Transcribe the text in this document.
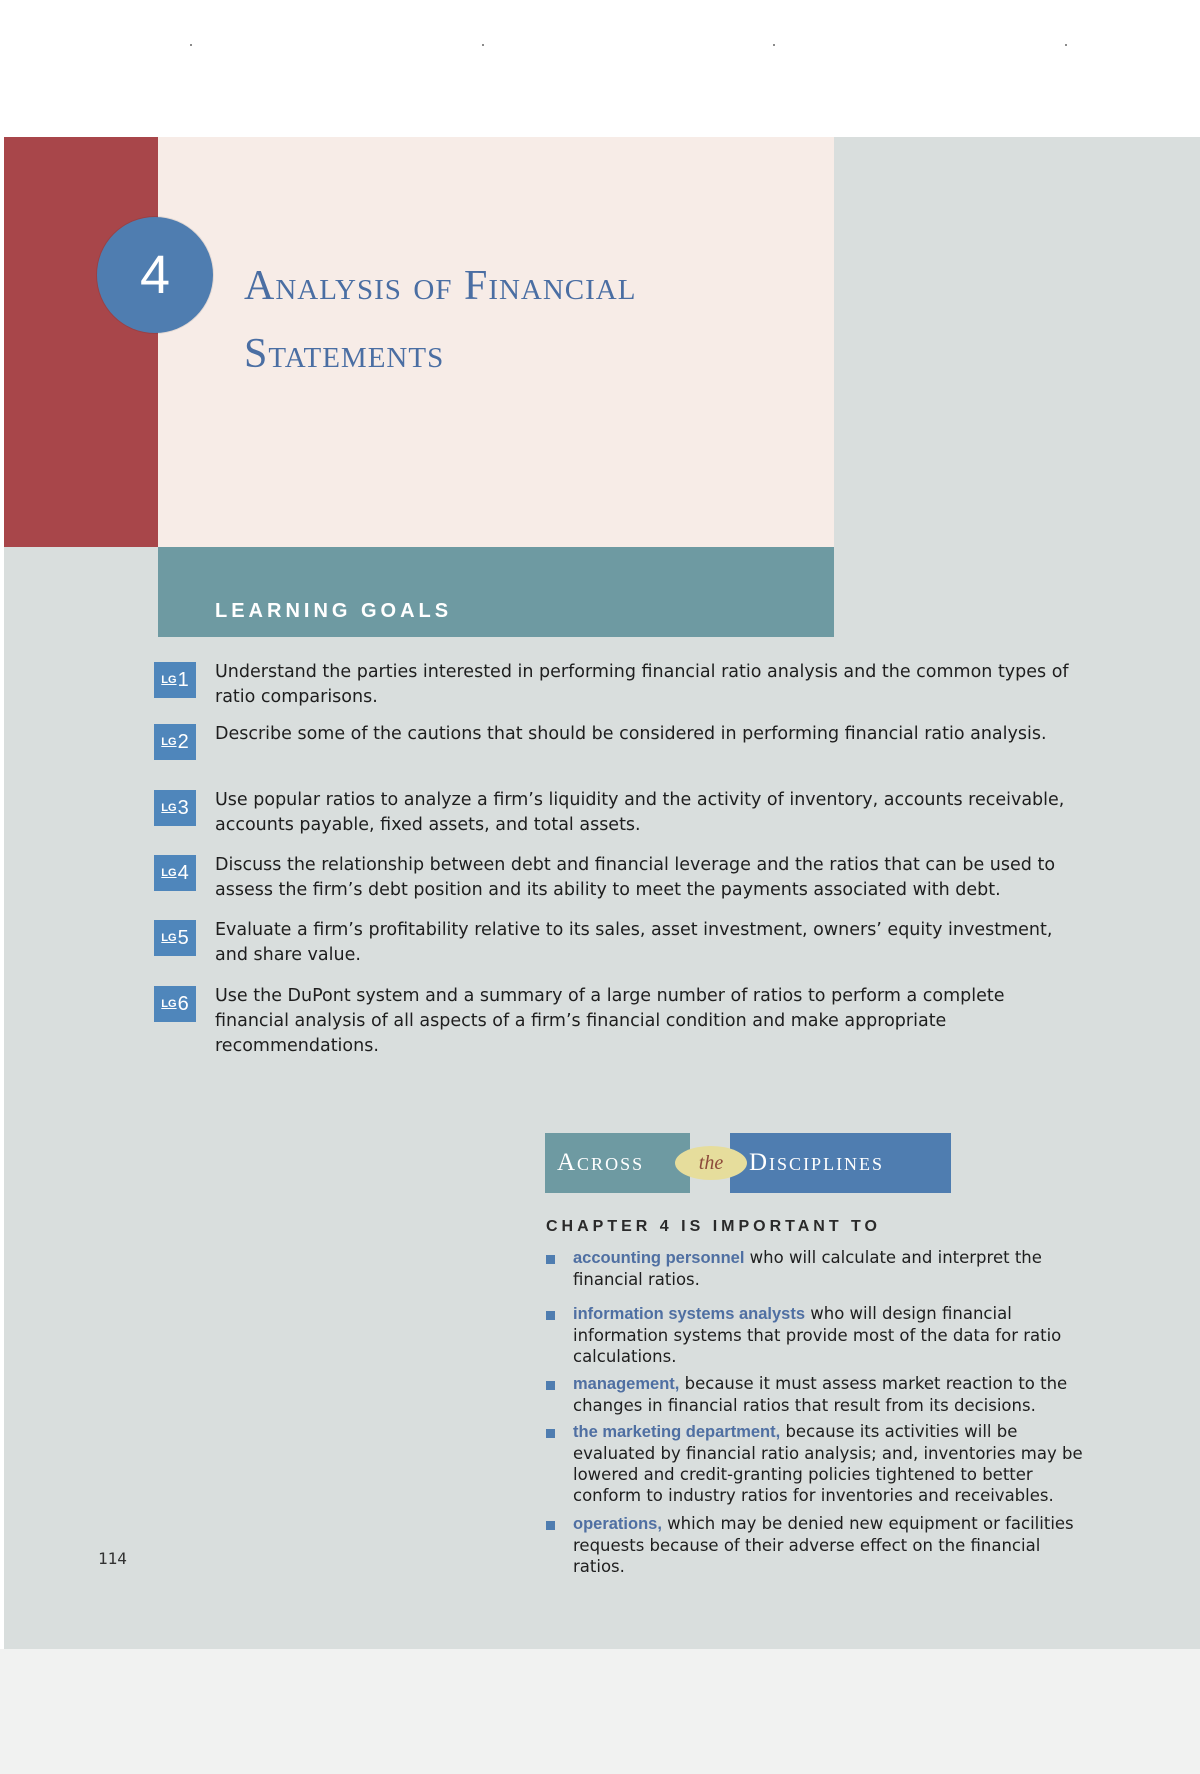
4	Analysis of Financial
Statements
LEARNING GOALS
$^{LG}$1	Understand the parties interested in performing financial ratio analysis and the common types of ratio comparisons.

$^{LG}$2	Describe some of the cautions that should be considered in performing financial ratio analysis.

$^{LG}$3	Use popular ratios to analyze a firm’s liquidity and the activity of inventory, accounts receivable, accounts payable, fixed assets, and total assets.

$^{LG}$4	Discuss the relationship between debt and financial leverage and the ratios that can be used to assess the firm’s debt position and its ability to meet the payments associated with debt.

$^{LG}$5	Evaluate a firm’s profitability relative to its sales, asset investment, owners’ equity investment, and share value.

$^{LG}$6	Use the DuPont system and a summary of a large number of ratios to perform a complete financial analysis of all aspects of a firm’s financial condition and make appropriate recommendations.

Across	the	Disciplines
CHAPTER 4 IS IMPORTANT TO

accounting personnel who will calculate and interpret the financial ratios.

information systems analysts who will design financial information systems that provide most of the data for ratio calculations.

management, because it must assess market reaction to the changes in financial ratios that result from its decisions.

the marketing department, because its activities will be evaluated by financial ratio analysis; and, inventories may be lowered and credit-granting policies tightened to better conform to industry ratios for inventories and receivables.

operations, which may be denied new equipment or facilities requests because of their adverse effect on the financial ratios.

114
